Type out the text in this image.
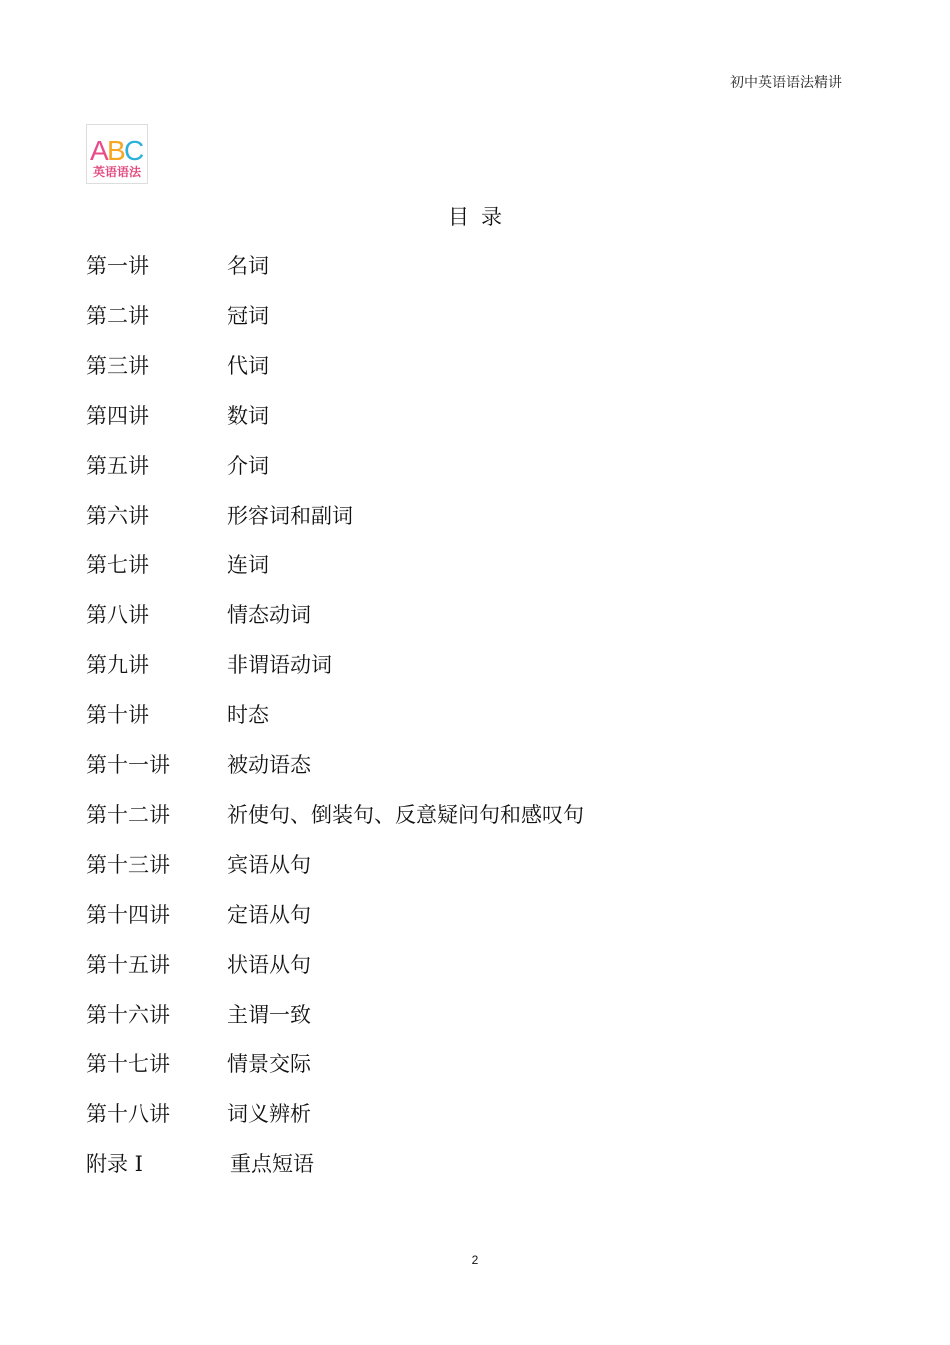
初中英语语法精讲
A
B
C
英语语法
目录
第一讲	名词
第二讲	冠词
第三讲	代词
第四讲	数词
第五讲	介词
第六讲	形容词和副词
第七讲	连词
第八讲	情态动词
第九讲	非谓语动词
第十讲	时态
第十一讲	被动语态
第十二讲	祈使句、倒装句、反意疑问句和感叹句
第十三讲	宾语从句
第十四讲	定语从句
第十五讲	状语从句
第十六讲	主谓一致
第十七讲	情景交际
第十八讲	词义辨析
附录 Ⅰ	重点短语
2
